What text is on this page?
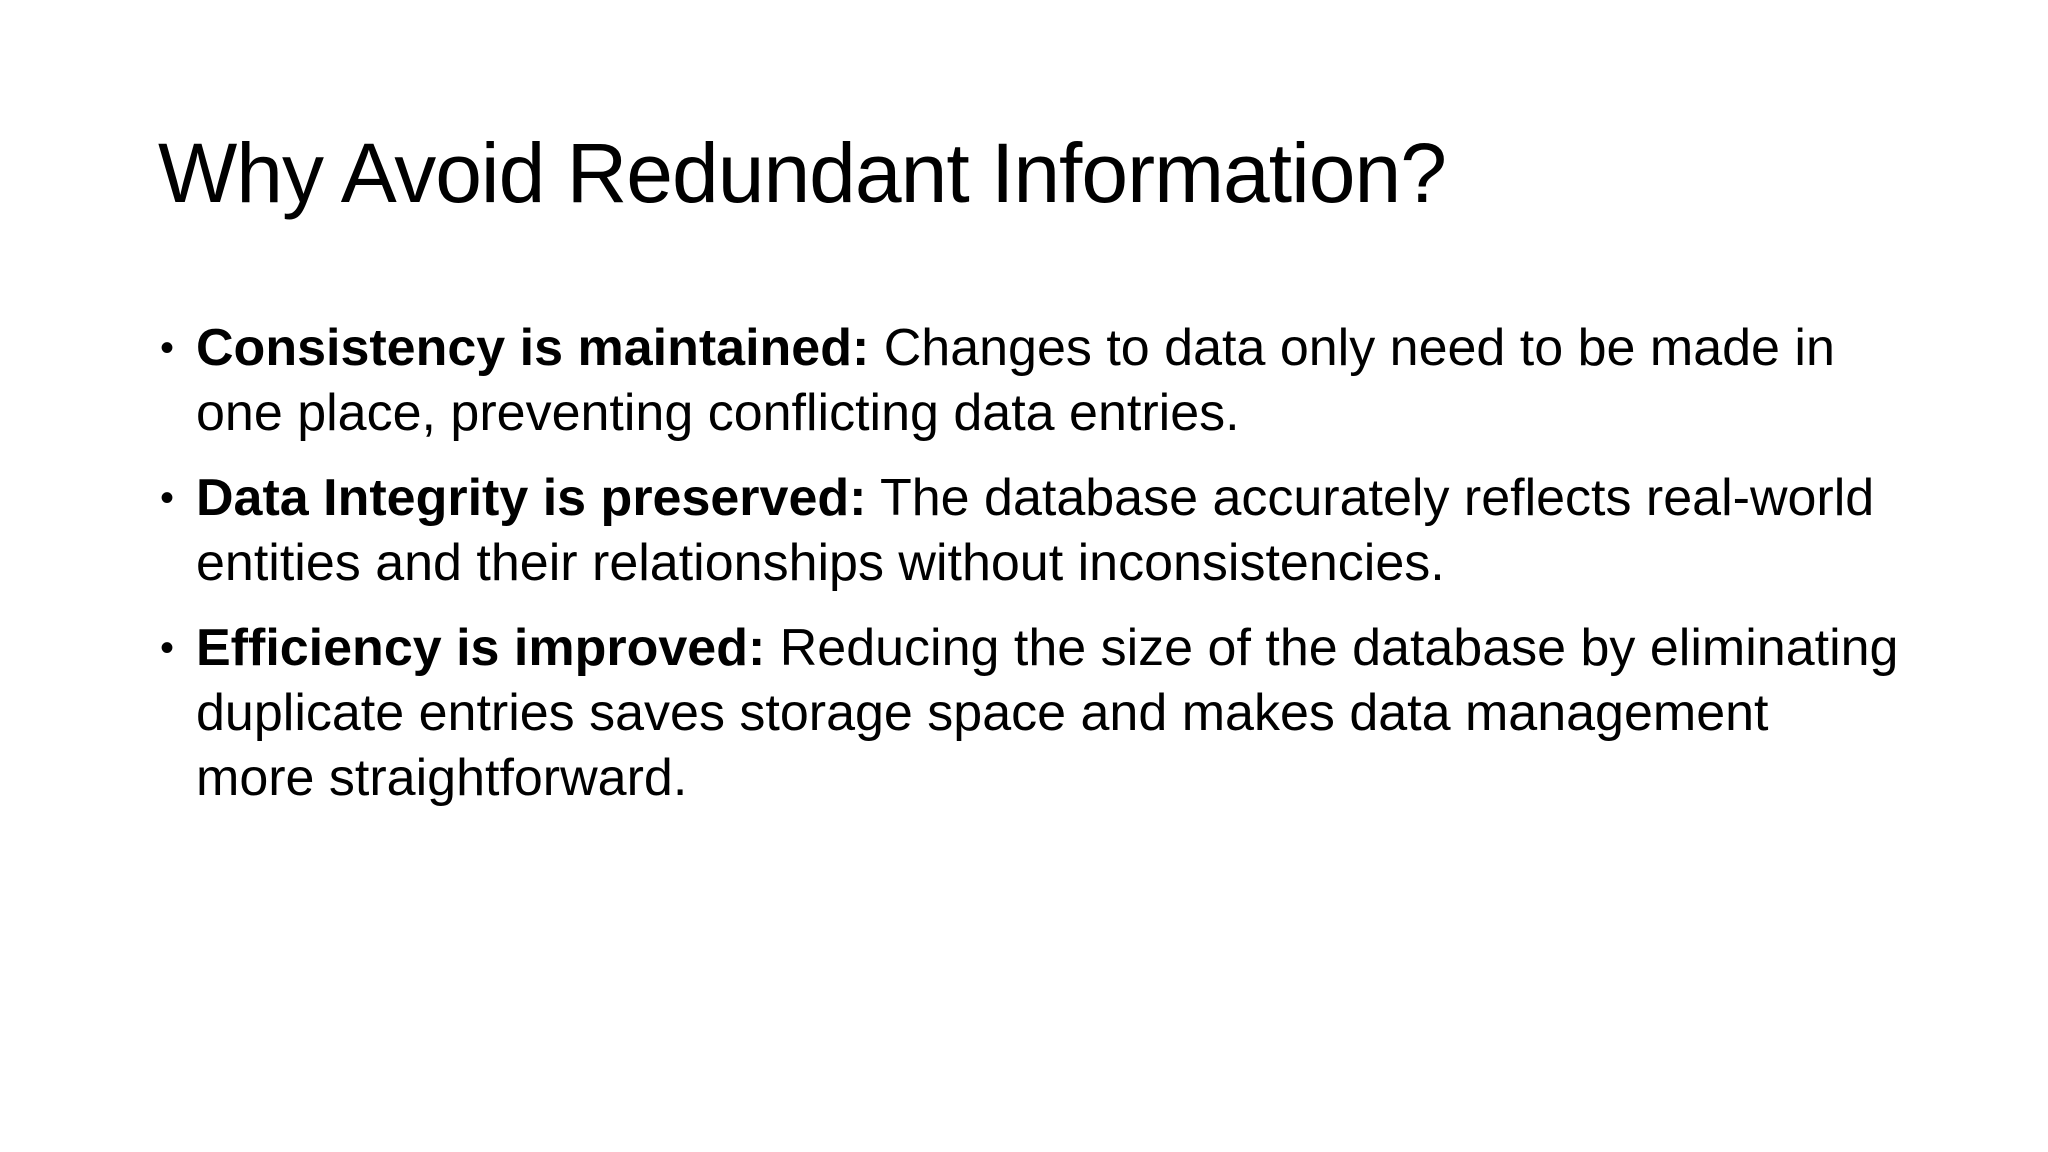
Why Avoid Redundant Information?
• Consistency is maintained: Changes to data only need to be made in one place, preventing conflicting data entries.
• Data Integrity is preserved: The database accurately reflects real-world entities and their relationships without inconsistencies.
• Efficiency is improved: Reducing the size of the database by eliminating duplicate entries saves storage space and makes data management more straightforward.
